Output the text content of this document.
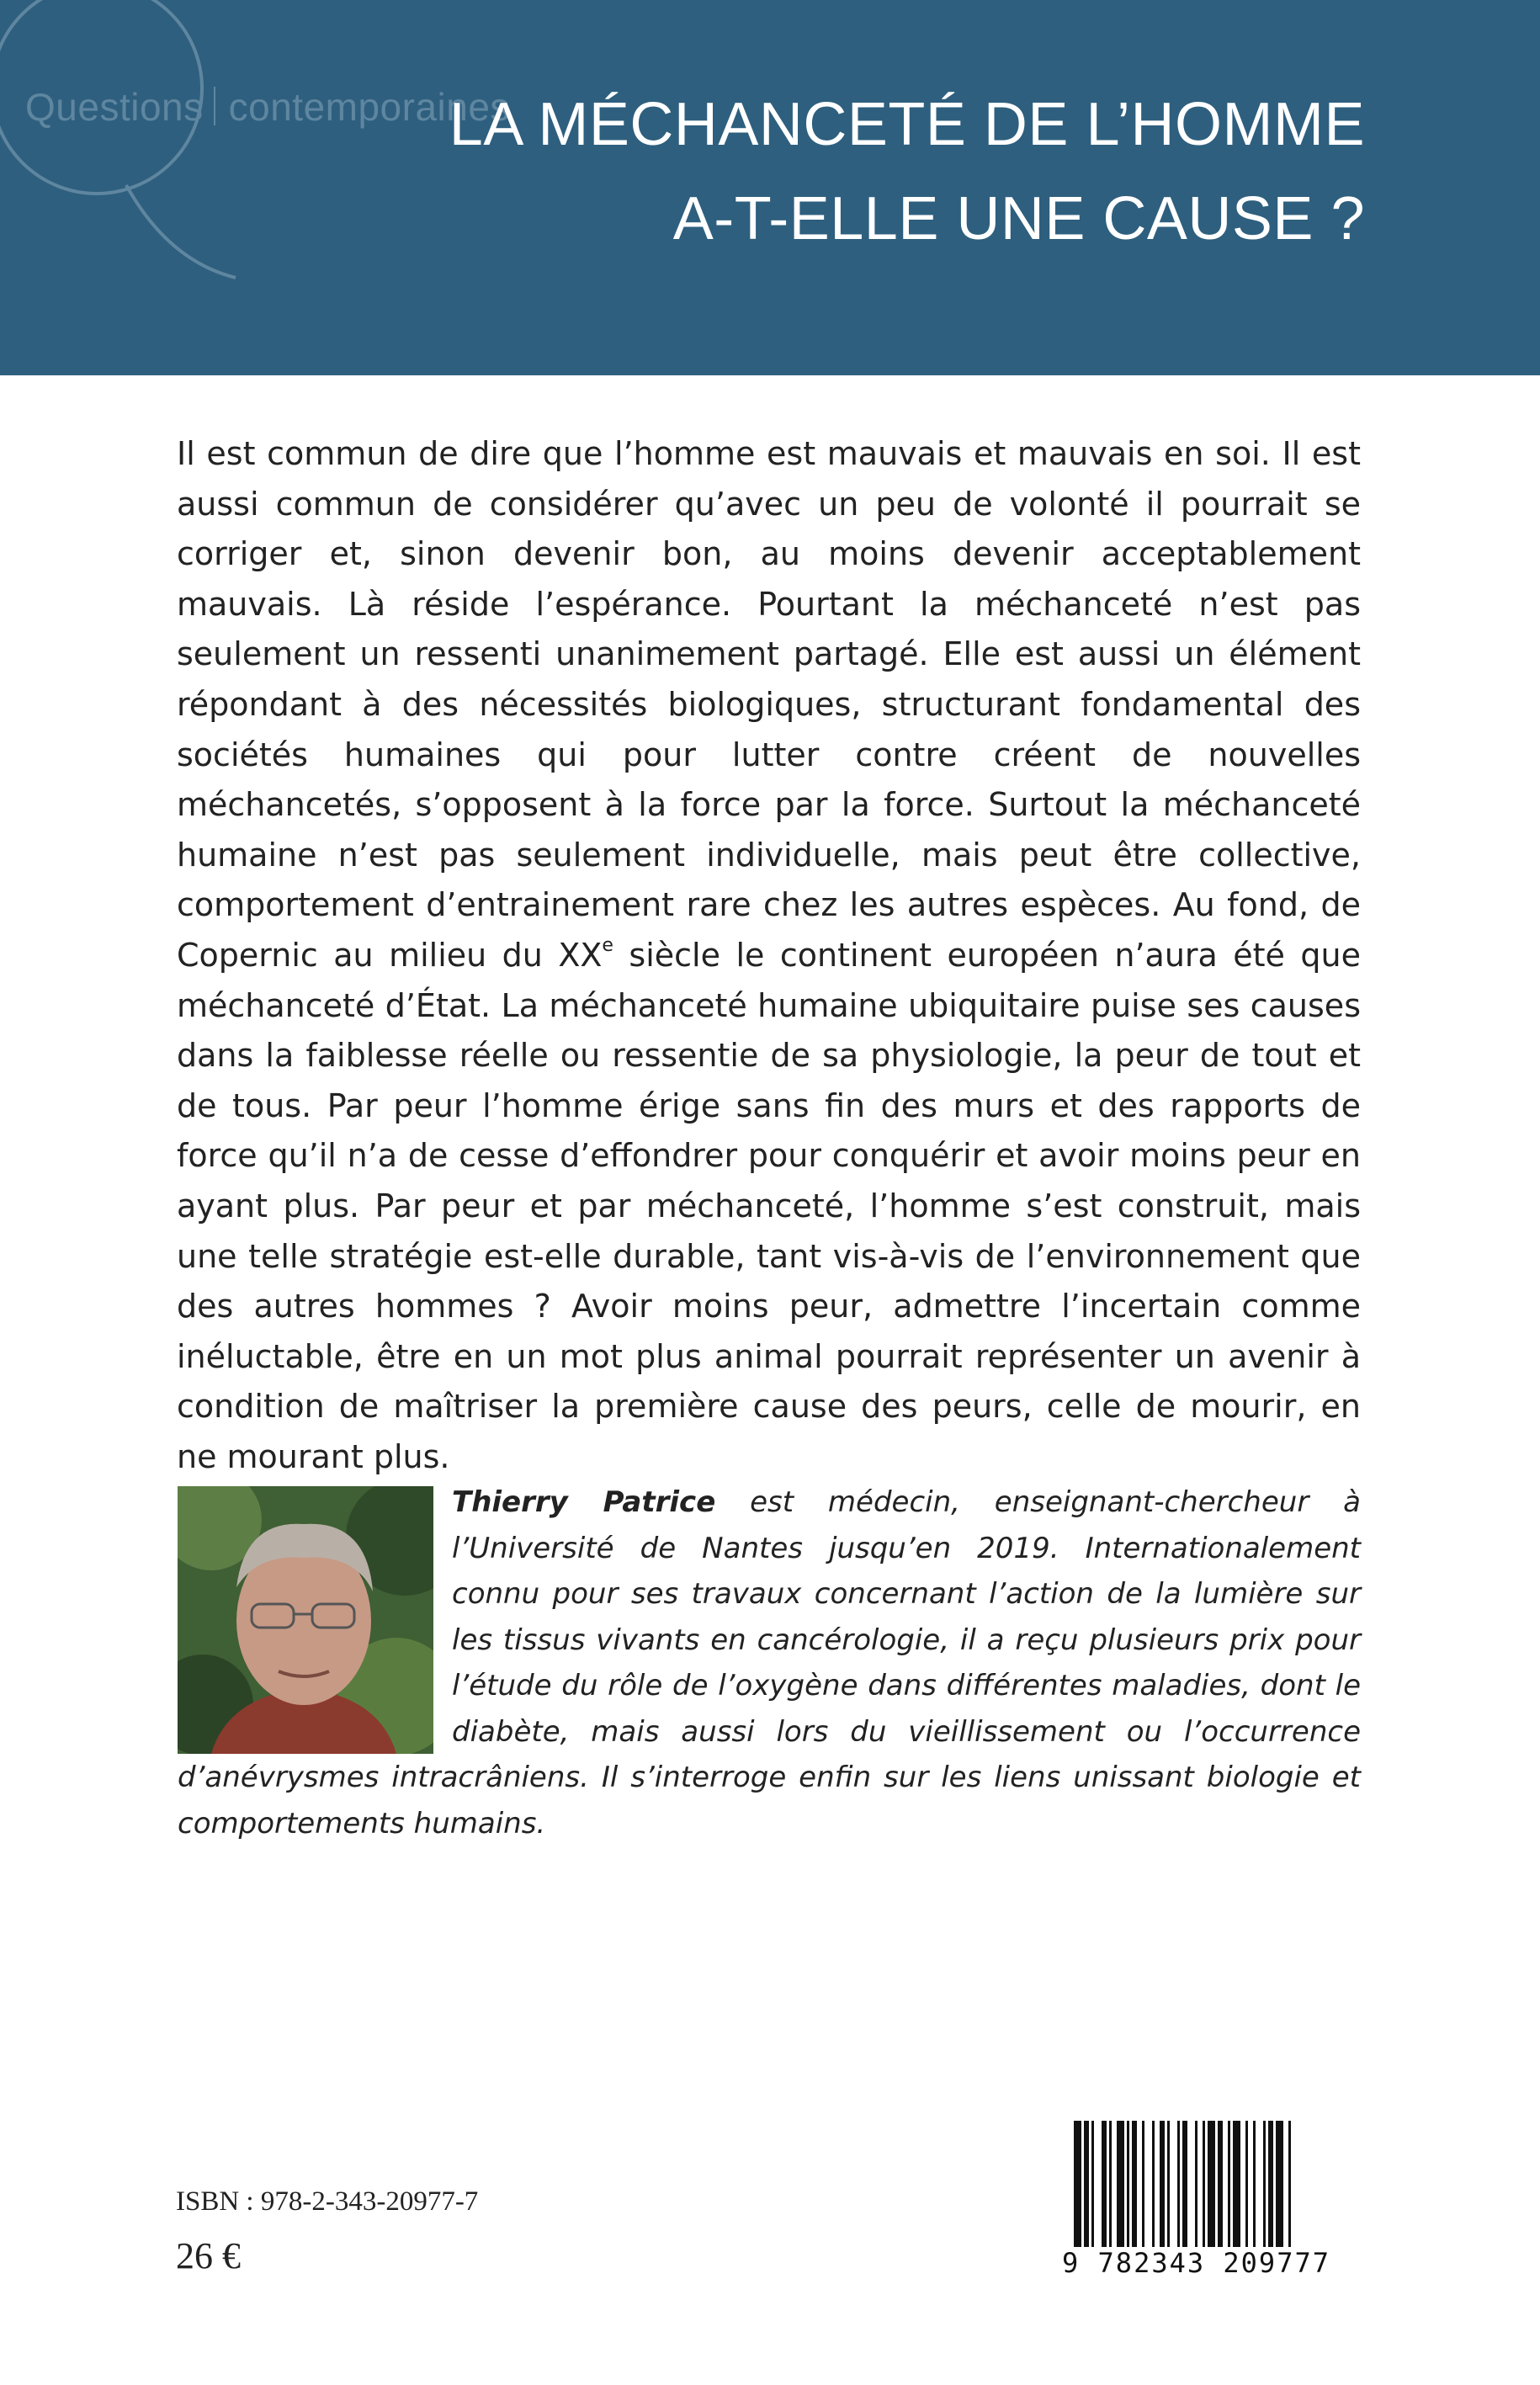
Questions contemporaines
LA MÉCHANCETÉ DE L’HOMME
A-T-ELLE UNE CAUSE ?
Il est commun de dire que l’homme est mauvais et mauvais en soi. Il est aussi commun de considérer qu’avec un peu de volonté il pourrait se corriger et, sinon devenir bon, au moins devenir acceptablement mauvais. Là réside l’espérance. Pourtant la méchanceté n’est pas seulement un ressenti unanimement partagé. Elle est aussi un élément répondant à des nécessités biologiques, structurant fondamental des sociétés humaines qui pour lutter contre créent de nouvelles méchancetés, s’opposent à la force par la force. Surtout la méchanceté humaine n’est pas seulement individuelle, mais peut être collective, comportement d’entrainement rare chez les autres espèces. Au fond, de Copernic au milieu du XXe siècle le continent européen n’aura été que méchanceté d’État. La méchanceté humaine ubiquitaire puise ses causes dans la faiblesse réelle ou ressentie de sa physiologie, la peur de tout et de tous. Par peur l’homme érige sans fin des murs et des rapports de force qu’il n’a de cesse d’effondrer pour conquérir et avoir moins peur en ayant plus. Par peur et par méchanceté, l’homme s’est construit, mais une telle stratégie est-elle durable, tant vis-à-vis de l’environnement que des autres hommes ? Avoir moins peur, admettre l’incertain comme inéluctable, être en un mot plus animal pourrait représenter un avenir à condition de maîtriser la première cause des peurs, celle de mourir, en ne mourant plus.
Thierry Patrice est médecin, enseignant-chercheur à l’Université de Nantes jusqu’en 2019. Internationalement connu pour ses travaux concernant l’action de la lumière sur les tissus vivants en cancérologie, il a reçu plusieurs prix pour l’étude du rôle de l’oxygène dans différentes maladies, dont le diabète, mais aussi lors du vieillissement ou l’occurrence d’anévrysmes intracrâniens. Il s’interroge enfin sur les liens unissant biologie et comportements humains.
ISBN : 978-2-343-20977-7
26 €	9 782343 209777
